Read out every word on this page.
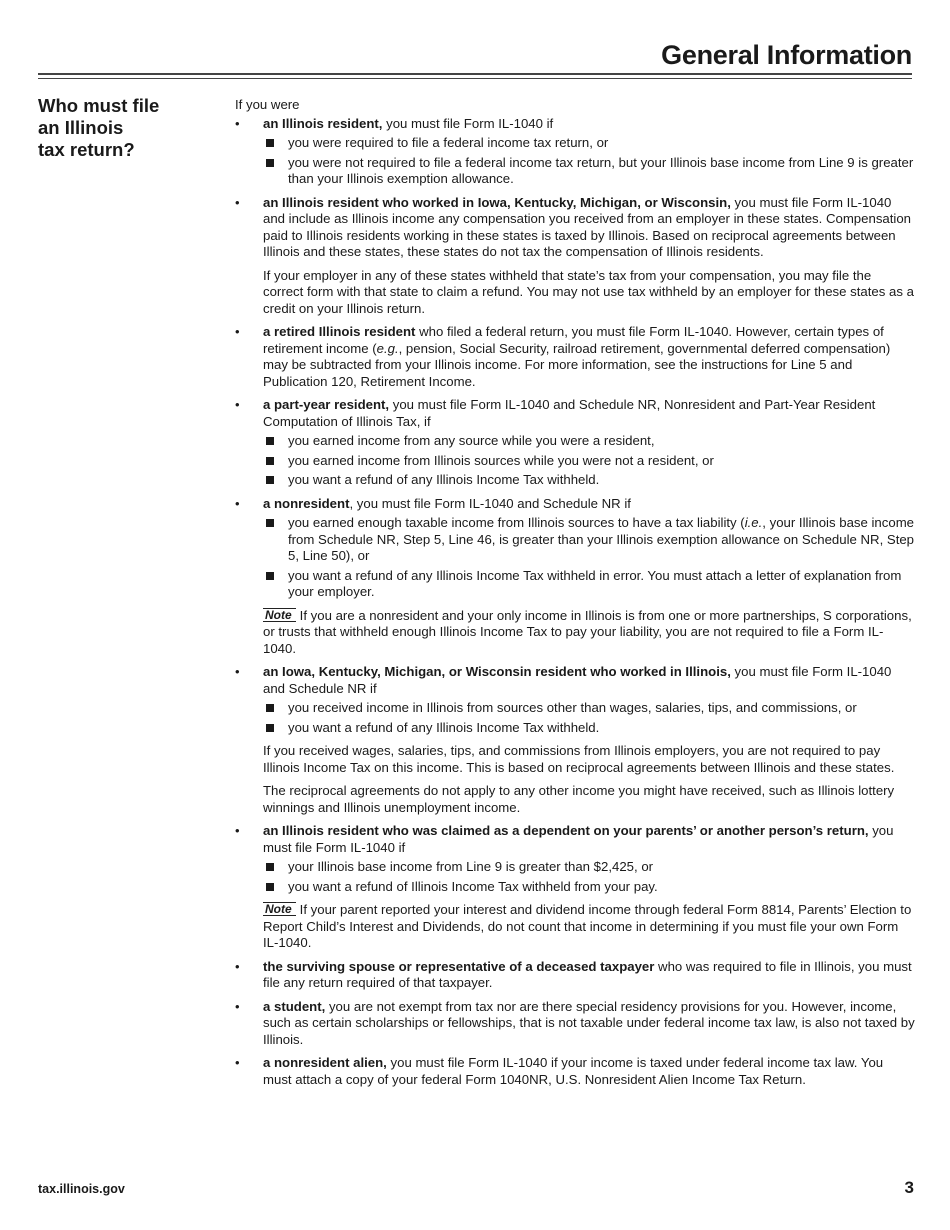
General Information
Who must file
an Illinois
tax return?

If you were

• an Illinois resident, you must file Form IL-1040 if

you were required to file a federal income tax return, or
you were not required to file a federal income tax return, but your Illinois base income from Line 9 is greater than your Illinois exemption allowance.
• an Illinois resident who worked in Iowa, Kentucky, Michigan, or Wisconsin, you must file Form IL-1040 and include as Illinois income any compensation you received from an employer in these states. Compensation paid to Illinois residents working in these states is taxed by Illinois. Based on reciprocal agreements between Illinois and these states, these states do not tax the compensation of Illinois residents.

If your employer in any of these states withheld that state’s tax from your compensation, you may file the correct form with that state to claim a refund. You may not use tax withheld by an employer for these states as a credit on your Illinois return.

• a retired Illinois resident who filed a federal return, you must file Form IL-1040. However, certain types of retirement income (e.g., pension, Social Security, railroad retirement, governmental deferred compensation) may be subtracted from your Illinois income. For more information, see the instructions for Line 5 and Publication 120, Retirement Income.

• a part-year resident, you must file Form IL-1040 and Schedule NR, Nonresident and Part-Year Resident Computation of Illinois Tax, if

you earned income from any source while you were a resident,
you earned income from Illinois sources while you were not a resident, or
you want a refund of any Illinois Income Tax withheld.
• a nonresident, you must file Form IL-1040 and Schedule NR if

you earned enough taxable income from Illinois sources to have a tax liability (i.e., your Illinois base income from Schedule NR, Step 5, Line 46, is greater than your Illinois exemption allowance on Schedule NR, Step 5, Line 50), or
you want a refund of any Illinois Income Tax withheld in error. You must attach a letter of explanation from your employer.

Note If you are a nonresident and your only income in Illinois is from one or more partnerships, S corporations, or trusts that withheld enough Illinois Income Tax to pay your liability, you are not required to file a Form IL-1040.

• an Iowa, Kentucky, Michigan, or Wisconsin resident who worked in Illinois, you must file Form IL-1040 and Schedule NR if

you received income in Illinois from sources other than wages, salaries, tips, and commissions, or
you want a refund of any Illinois Income Tax withheld.

If you received wages, salaries, tips, and commissions from Illinois employers, you are not required to pay Illinois Income Tax on this income. This is based on reciprocal agreements between Illinois and these states.

The reciprocal agreements do not apply to any other income you might have received, such as Illinois lottery winnings and Illinois unemployment income.

• an Illinois resident who was claimed as a dependent on your parents’ or another person’s return, you must file Form IL-1040 if

your Illinois base income from Line 9 is greater than $2,425, or
you want a refund of Illinois Income Tax withheld from your pay.

Note If your parent reported your interest and dividend income through federal Form 8814, Parents’ Election to Report Child’s Interest and Dividends, do not count that income in determining if you must file your own Form IL-1040.

• the surviving spouse or representative of a deceased taxpayer who was required to file in Illinois, you must file any return required of that taxpayer.

• a student, you are not exempt from tax nor are there special residency provisions for you. However, income, such as certain scholarships or fellowships, that is not taxable under federal income tax law, is also not taxed by Illinois.

• a nonresident alien, you must file Form IL-1040 if your income is taxed under federal income tax law. You must attach a copy of your federal Form 1040NR, U.S. Nonresident Alien Income Tax Return.

tax.illinois.gov	3
